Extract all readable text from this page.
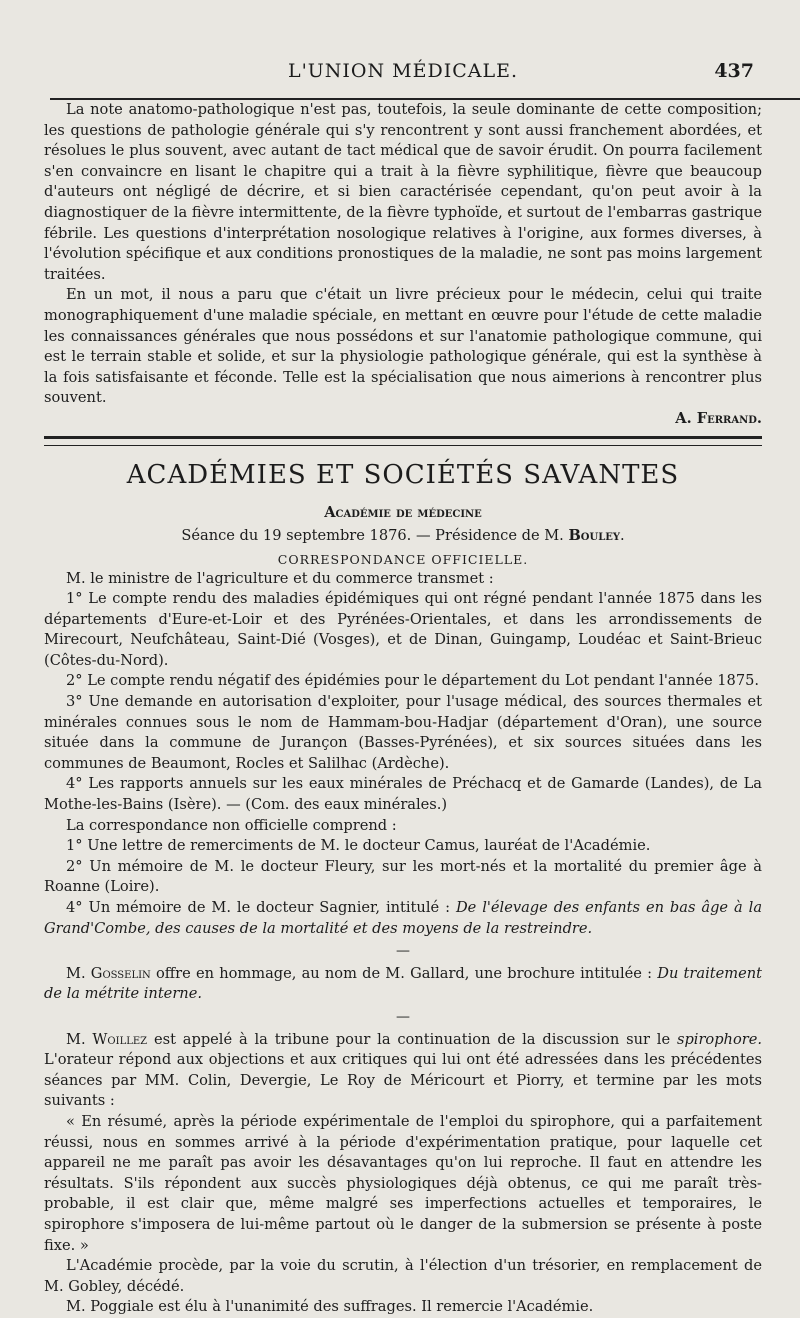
L'UNION MÉDICALE.	437

La note anatomo-pathologique n'est pas, toutefois, la seule dominante de cette composition; les questions de pathologie générale qui s'y rencontrent y sont aussi franchement abordées, et résolues le plus souvent, avec autant de tact médical que de savoir érudit. On pourra facilement s'en convaincre en lisant le chapitre qui a trait à la fièvre syphilitique, fièvre que beaucoup d'auteurs ont négligé de décrire, et si bien caractérisée cependant, qu'on peut avoir à la diagnostiquer de la fièvre intermittente, de la fièvre typhoïde, et surtout de l'embarras gastrique fébrile. Les questions d'interprétation nosologique relatives à l'origine, aux formes diverses, à l'évolution spécifique et aux conditions pronostiques de la maladie, ne sont pas moins largement traitées.

En un mot, il nous a paru que c'était un livre précieux pour le médecin, celui qui traite monographiquement d'une maladie spéciale, en mettant en œuvre pour l'étude de cette maladie les connaissances générales que nous possédons et sur l'anatomie pathologique commune, qui est le terrain stable et solide, et sur la physiologie pathologique générale, qui est la synthèse à la fois satisfaisante et féconde. Telle est la spécialisation que nous aimerions à rencontrer plus souvent.

A. Ferrand.
ACADÉMIES ET SOCIÉTÉS SAVANTES
Académie de médecine
Séance du 19 septembre 1876. — Présidence de M. Bouley.
CORRESPONDANCE OFFICIELLE.

M. le ministre de l'agriculture et du commerce transmet :

1° Le compte rendu des maladies épidémiques qui ont régné pendant l'année 1875 dans les départements d'Eure-et-Loir et des Pyrénées-Orientales, et dans les arrondissements de Mirecourt, Neufchâteau, Saint-Dié (Vosges), et de Dinan, Guingamp, Loudéac et Saint-Brieuc (Côtes-du-Nord).

2° Le compte rendu négatif des épidémies pour le département du Lot pendant l'année 1875.

3° Une demande en autorisation d'exploiter, pour l'usage médical, des sources thermales et minérales connues sous le nom de Hammam-bou-Hadjar (département d'Oran), une source située dans la commune de Jurançon (Basses-Pyrénées), et six sources situées dans les communes de Beaumont, Rocles et Salilhac (Ardèche).

4° Les rapports annuels sur les eaux minérales de Préchacq et de Gamarde (Landes), de La Mothe-les-Bains (Isère). — (Com. des eaux minérales.)

La correspondance non officielle comprend :

1° Une lettre de remerciments de M. le docteur Camus, lauréat de l'Académie.

2° Un mémoire de M. le docteur Fleury, sur les mort-nés et la mortalité du premier âge à Roanne (Loire).

4° Un mémoire de M. le docteur Sagnier, intitulé : De l'élevage des enfants en bas âge à la Grand'Combe, des causes de la mortalité et des moyens de la restreindre.

—

M. Gosselin offre en hommage, au nom de M. Gallard, une brochure intitulée : Du traitement de la métrite interne.

—

M. Woillez est appelé à la tribune pour la continuation de la discussion sur le spirophore. L'orateur répond aux objections et aux critiques qui lui ont été adressées dans les précédentes séances par MM. Colin, Devergie, Le Roy de Méricourt et Piorry, et termine par les mots suivants :

« En résumé, après la période expérimentale de l'emploi du spirophore, qui a parfaitement réussi, nous en sommes arrivé à la période d'expérimentation pratique, pour laquelle cet appareil ne me paraît pas avoir les désavantages qu'on lui reproche. Il faut en attendre les résultats. S'ils répondent aux succès physiologiques déjà obtenus, ce qui me paraît très-probable, il est clair que, même malgré ses imperfections actuelles et temporaires, le spirophore s'imposera de lui-même partout où le danger de la submersion se présente à poste fixe. »

L'Académie procède, par la voie du scrutin, à l'élection d'un trésorier, en remplacement de M. Gobley, décédé.

M. Poggiale est élu à l'unanimité des suffrages. Il remercie l'Académie.
